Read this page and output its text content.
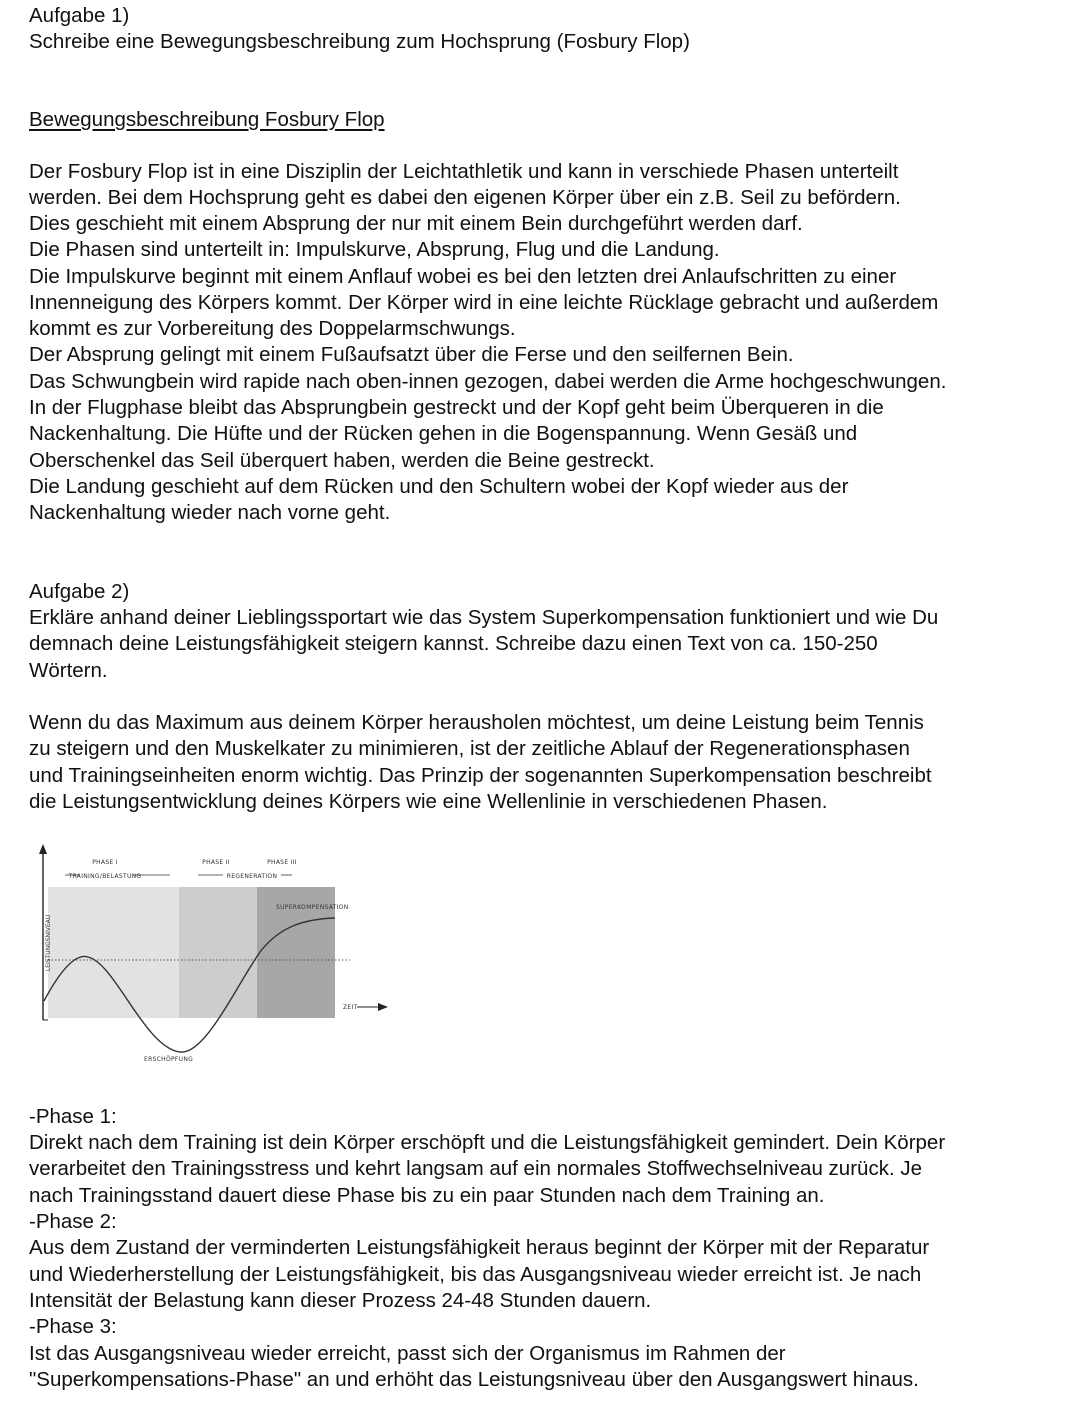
Aufgabe 1)
Schreibe eine Bewegungsbeschreibung zum Hochsprung (Fosbury Flop)
Bewegungsbeschreibung Fosbury Flop
Der Fosbury Flop ist in eine Disziplin der Leichtathletik und kann in verschiede Phasen unterteilt
werden. Bei dem Hochsprung geht es dabei den eigenen Körper über ein z.B. Seil zu befördern.
Dies geschieht mit einem Absprung der nur mit einem Bein durchgeführt werden darf.
Die Phasen sind unterteilt in: Impulskurve, Absprung, Flug und die Landung.
Die Impulskurve beginnt mit einem Anflauf wobei es bei den letzten drei Anlaufschritten zu einer
Innenneigung des Körpers kommt. Der Körper wird in eine leichte Rücklage gebracht und außerdem
kommt es zur Vorbereitung des Doppelarmschwungs.
Der Absprung gelingt mit einem Fußaufsatzt über die Ferse und den seilfernen Bein.
Das Schwungbein wird rapide nach oben-innen gezogen, dabei werden die Arme hochgeschwungen.
In der Flugphase bleibt das Absprungbein gestreckt und der Kopf geht beim Überqueren in die
Nackenhaltung. Die Hüfte und der Rücken gehen in die Bogenspannung. Wenn Gesäß und
Oberschenkel das Seil überquert haben, werden die Beine gestreckt.
Die Landung geschieht auf dem Rücken und den Schultern wobei der Kopf wieder aus der
Nackenhaltung wieder nach vorne geht.
Aufgabe 2)
Erkläre anhand deiner Lieblingssportart wie das System Superkompensation funktioniert und wie Du
demnach deine Leistungsfähigkeit steigern kannst. Schreibe dazu einen Text von ca. 150-250
Wörtern.
Wenn du das Maximum aus deinem Körper herausholen möchtest, um deine Leistung beim Tennis
zu steigern und den Muskelkater zu minimieren, ist der zeitliche Ablauf der Regenerationsphasen
und Trainingseinheiten enorm wichtig. Das Prinzip der sogenannten Superkompensation beschreibt
die Leistungsentwicklung deines Körpers wie eine Wellenlinie in verschiedenen Phasen.
LEISTUNGSNIVEAU
PHASE I
TRAINING/BELASTUNG
PHASE II	PHASE III
REGENERATION
SUPERKOMPENSATION
ZEIT
ERSCHÖPFUNG
-Phase 1:
Direkt nach dem Training ist dein Körper erschöpft und die Leistungsfähigkeit gemindert. Dein Körper
verarbeitet den Trainingsstress und kehrt langsam auf ein normales Stoffwechselniveau zurück. Je
nach Trainingsstand dauert diese Phase bis zu ein paar Stunden nach dem Training an.
-Phase 2:
Aus dem Zustand der verminderten Leistungsfähigkeit heraus beginnt der Körper mit der Reparatur
und Wiederherstellung der Leistungsfähigkeit, bis das Ausgangsniveau wieder erreicht ist. Je nach
Intensität der Belastung kann dieser Prozess 24-48 Stunden dauern.
-Phase 3:
Ist das Ausgangsniveau wieder erreicht, passt sich der Organismus im Rahmen der
"Superkompensations-Phase" an und erhöht das Leistungsniveau über den Ausgangswert hinaus.
